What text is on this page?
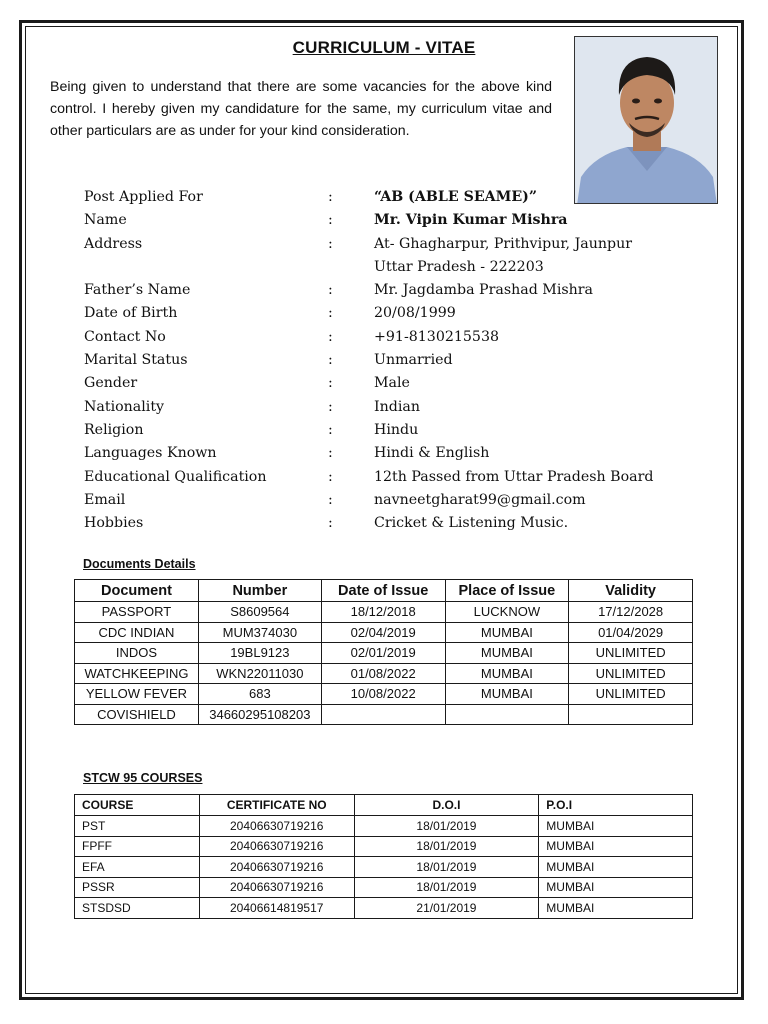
CURRICULUM - VITAE
Being given to understand that there are some vacancies for the above kind control. I hereby given my candidature for the same, my curriculum vitae and other particulars are as under for your kind consideration.
Post Applied For	:	“AB (ABLE SEAME)”
Name	:	Mr. Vipin Kumar Mishra
Address	:	At- Ghagharpur, Prithvipur, Jaunpur
Uttar Pradesh - 222203
Father’s Name	:	Mr. Jagdamba Prashad Mishra
Date of Birth	:	20/08/1999
Contact No	:	+91-8130215538
Marital Status	:	Unmarried
Gender	:	Male
Nationality	:	Indian
Religion	:	Hindu
Languages Known	:	Hindi & English
Educational Qualification	:	12th Passed from Uttar Pradesh Board
Email	:	navneetgharat99@gmail.com
Hobbies	:	Cricket & Listening Music.
Documents Details
Document	Number	Date of Issue	Place of Issue	Validity
PASSPORT	S8609564	18/12/2018	LUCKNOW	17/12/2028
CDC INDIAN	MUM374030	02/04/2019	MUMBAI	01/04/2029
INDOS	19BL9123	02/01/2019	MUMBAI	UNLIMITED
WATCHKEEPING	WKN22011030	01/08/2022	MUMBAI	UNLIMITED
YELLOW FEVER	683	10/08/2022	MUMBAI	UNLIMITED
COVISHIELD	34660295108203			
STCW 95 COURSES
COURSE	CERTIFICATE NO	D.O.I	P.O.I
PST	20406630719216	18/01/2019	MUMBAI
FPFF	20406630719216	18/01/2019	MUMBAI
EFA	20406630719216	18/01/2019	MUMBAI
PSSR	20406630719216	18/01/2019	MUMBAI
STSDSD	20406614819517	21/01/2019	MUMBAI
